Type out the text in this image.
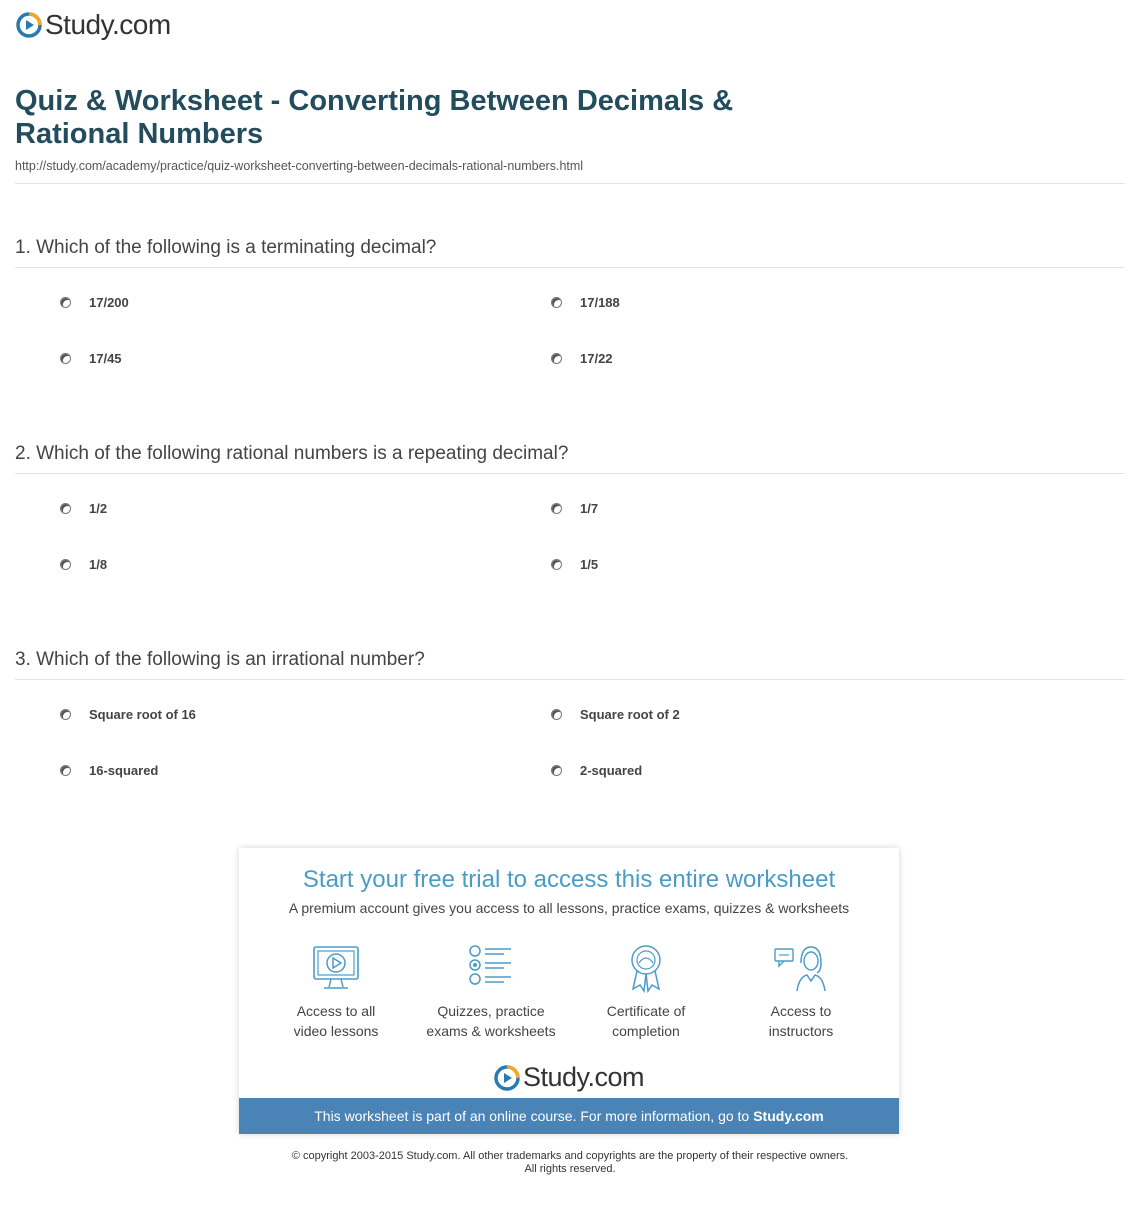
Study.com
Quiz & Worksheet - Converting Between Decimals & Rational Numbers
http://study.com/academy/practice/quiz-worksheet-converting-between-decimals-rational-numbers.html
1. Which of the following is a terminating decimal?
17/200	17/188
17/45	17/22
2. Which of the following rational numbers is a repeating decimal?
1/2	1/7
1/8	1/5
3. Which of the following is an irrational number?
Square root of 16	Square root of 2
16-squared	2-squared
Start your free trial to access this entire worksheet
A premium account gives you access to all lessons, practice exams, quizzes & worksheets
Access to all
video lessons
Quizzes, practice
exams & worksheets
Certificate of
completion
Access to
instructors
Study.com
This worksheet is part of an online course. For more information, go to Study.com
© copyright 2003-2015 Study.com. All other trademarks and copyrights are the property of their respective owners.
All rights reserved.
